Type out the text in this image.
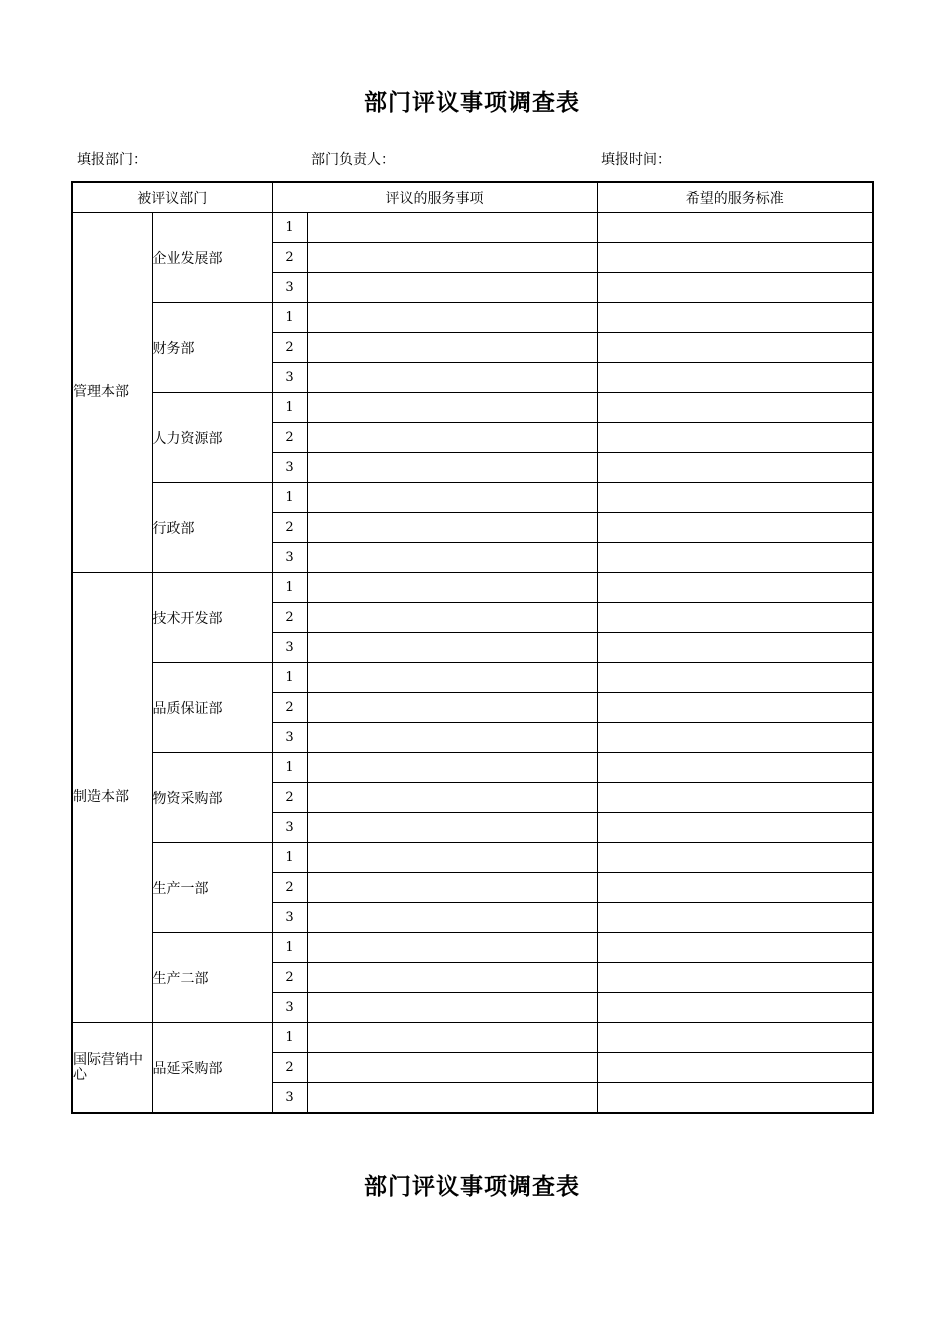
部门评议事项调查表
填报部门：	部门负责人：	填报时间：
被评议部门		评议的服务事项		希望的服务标准
管理本部	企业发展部	1		
		2		
		3		
	财务部	1		
		2		
		3		
	人力资源部	1		
		2		
		3		
	行政部	1		
		2		
		3		
制造本部	技术开发部	1		
		2		
		3		
	品质保证部	1		
		2		
		3		
	物资采购部	1		
		2		
		3		
	生产一部	1		
		2		
		3		
	生产二部	1		
		2		
		3		
国际营销中心	品延采购部	1		
		2		
		3		
部门评议事项调查表
